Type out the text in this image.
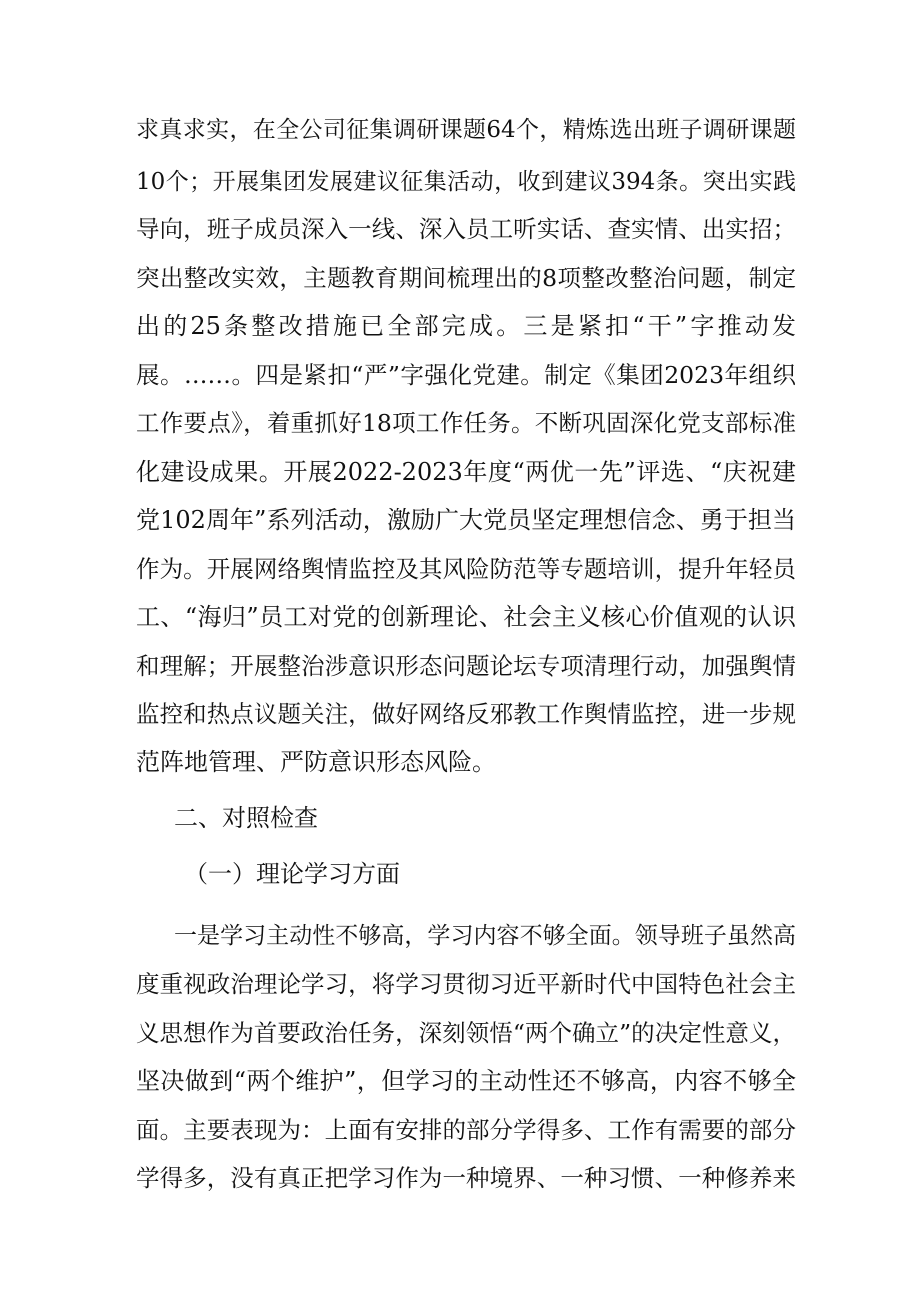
求真求实，在全公司征集调研课题64个，精炼选出班子调研课题
10个；开展集团发展建议征集活动，收到建议394条。突出实践
导向，班子成员深入一线、深入员工听实话、查实情、出实招；
突出整改实效，主题教育期间梳理出的8项整改整治问题，制定
出的25条整改措施已全部完成。三是紧扣“干”字推动发
展。……。四是紧扣“严”字强化党建。制定《集团2023年组织
工作要点》，着重抓好18项工作任务。不断巩固深化党支部标准
化建设成果。开展2022-2023年度“两优一先”评选、“庆祝建
党102周年”系列活动，激励广大党员坚定理想信念、勇于担当
作为。开展网络舆情监控及其风险防范等专题培训，提升年轻员
工、“海归”员工对党的创新理论、社会主义核心价值观的认识
和理解；开展整治涉意识形态问题论坛专项清理行动，加强舆情
监控和热点议题关注，做好网络反邪教工作舆情监控，进一步规
范阵地管理、严防意识形态风险。
二、对照检查
（一）理论学习方面
一是学习主动性不够高，学习内容不够全面。领导班子虽然高
度重视政治理论学习，将学习贯彻习近平新时代中国特色社会主
义思想作为首要政治任务，深刻领悟“两个确立”的决定性意义，
坚决做到“两个维护”，但学习的主动性还不够高，内容不够全
面。主要表现为：上面有安排的部分学得多、工作有需要的部分
学得多，没有真正把学习作为一种境界、一种习惯、一种修养来
